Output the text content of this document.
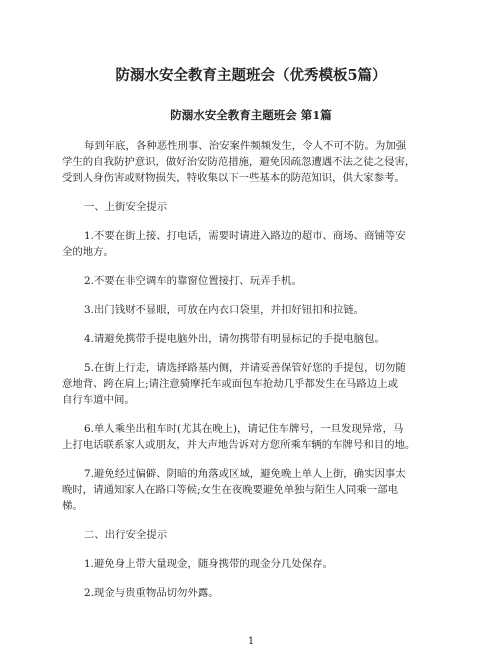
防溺水安全教育主题班会（优秀模板5篇）
防溺水安全教育主题班会 第1篇

每到年底，各种恶性刑事、治安案件频频发生，令人不可不防。为加强

学生的自我防护意识，做好治安防范措施，避免因疏忽遭遇不法之徒之侵害，

受到人身伤害或财物损失，特收集以下一些基本的防范知识，供大家参考。

一、上街安全提示

1.不要在街上接、打电话，需要时请进入路边的超市、商场、商铺等安

全的地方。

2.不要在非空调车的靠窗位置接打、玩弄手机。

3.出门钱财不显眼，可放在内衣口袋里，并扣好钮扣和拉链。

4.请避免携带手提电脑外出，请勿携带有明显标记的手提电脑包。

5.在街上行走，请选择路基内侧，并请妥善保管好您的手提包，切勿随

意地背、跨在肩上;请注意骑摩托车或面包车抢劫几乎都发生在马路边上或

自行车道中间。

6.单人乘坐出租车时(尤其在晚上)，请记住车牌号，一旦发现异常，马

上打电话联系家人或朋友，并大声地告诉对方您所乘车辆的车牌号和目的地。

7.避免经过偏僻、阴暗的角落或区域，避免晚上单人上街，确实因事太

晚时，请通知家人在路口等候;女生在夜晚要避免单独与陌生人同乘一部电

梯。

二、出行安全提示

1.避免身上带大量现金，随身携带的现金分几处保存。

2.现金与贵重物品切勿外露。

1
